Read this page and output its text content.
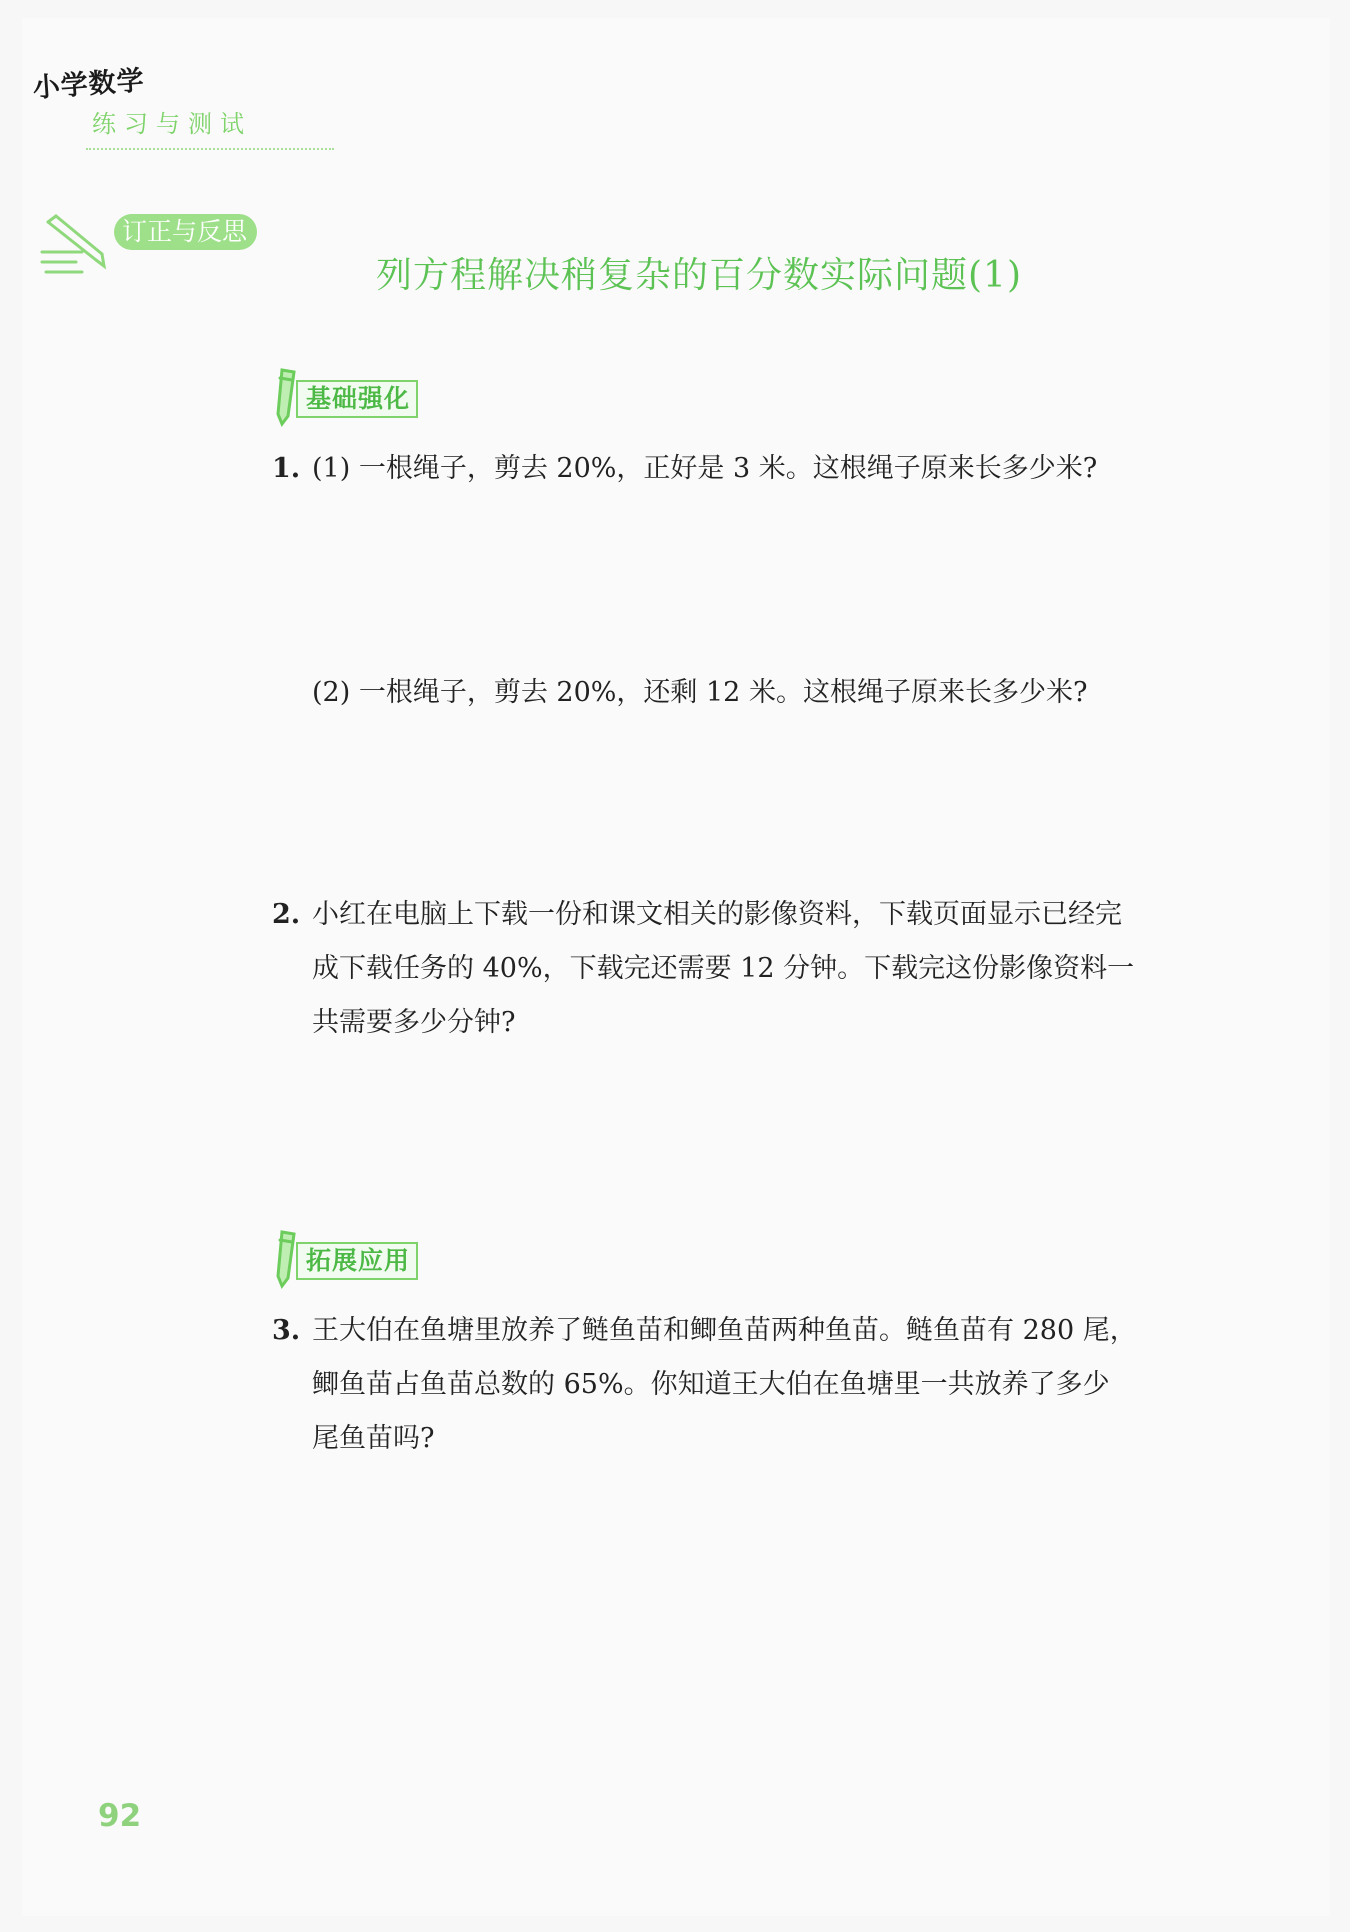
小学数学
练习与测试
订正与反思
列方程解决稍复杂的百分数实际问题(1)
基础强化
1. (1) 一根绳子，剪去 20%，正好是 3 米。这根绳子原来长多少米?
(2) 一根绳子，剪去 20%，还剩 12 米。这根绳子原来长多少米?
2. 小红在电脑上下载一份和课文相关的影像资料，下载页面显示已经完
成下载任务的 40%，下载完还需要 12 分钟。下载完这份影像资料一
共需要多少分钟?
拓展应用
3. 王大伯在鱼塘里放养了鲢鱼苗和鲫鱼苗两种鱼苗。鲢鱼苗有 280 尾，
鲫鱼苗占鱼苗总数的 65%。你知道王大伯在鱼塘里一共放养了多少
尾鱼苗吗?
92
